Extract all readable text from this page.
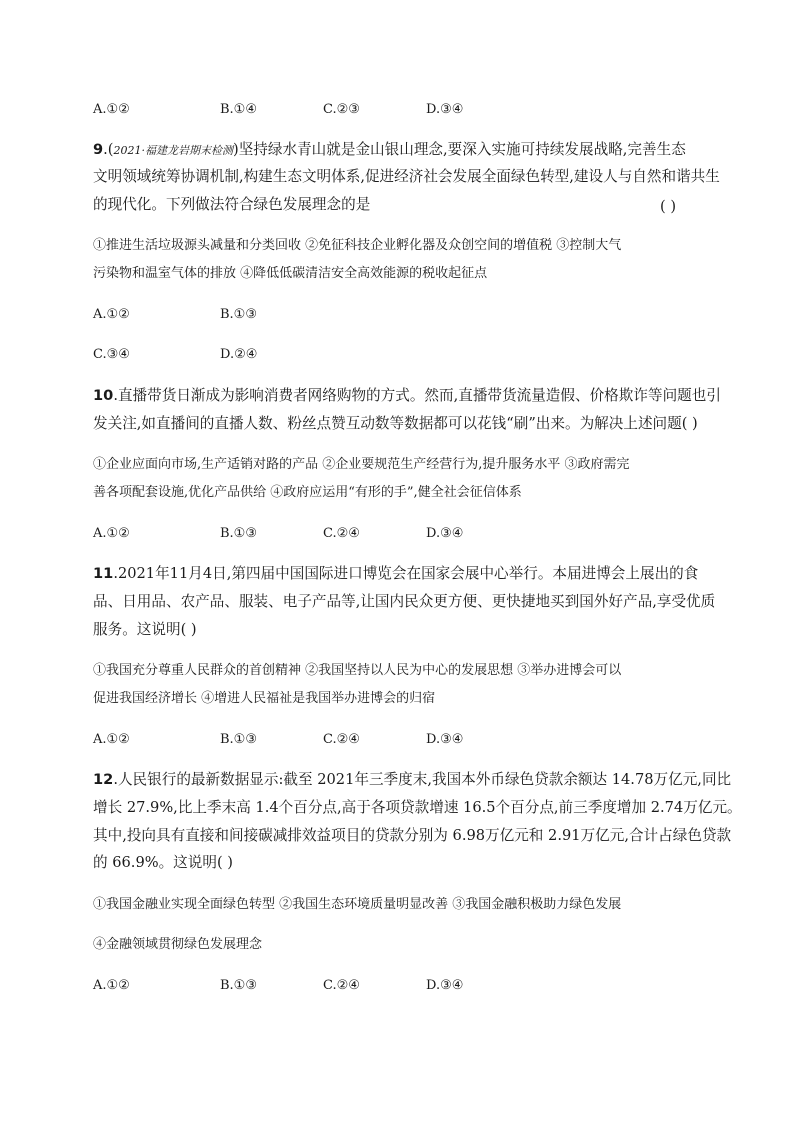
A.①②	B.①④	C.②③	D.③④
9.(2021·福建龙岩期末检测)坚持绿水青山就是金山银山理念,要深入实施可持续发展战略,完善生态
文明领域统筹协调机制,构建生态文明体系,促进经济社会发展全面绿色转型,建设人与自然和谐共生
的现代化。下列做法符合绿色发展理念的是	( )
①推进生活垃圾源头减量和分类回收 ②免征科技企业孵化器及众创空间的增值税 ③控制大气
污染物和温室气体的排放 ④降低低碳清洁安全高效能源的税收起征点
A.①②	B.①③
C.③④	D.②④
10.直播带货日渐成为影响消费者网络购物的方式。然而,直播带货流量造假、价格欺诈等问题也引
发关注,如直播间的直播人数、粉丝点赞互动数等数据都可以花钱“刷”出来。为解决上述问题( )
①企业应面向市场,生产适销对路的产品 ②企业要规范生产经营行为,提升服务水平 ③政府需完
善各项配套设施,优化产品供给 ④政府应运用“有形的手”,健全社会征信体系
A.①②	B.①③	C.②④	D.③④
11.2021年11月4日,第四届中国国际进口博览会在国家会展中心举行。本届进博会上展出的食
品、日用品、农产品、服装、电子产品等,让国内民众更方便、更快捷地买到国外好产品,享受优质
服务。这说明( )
①我国充分尊重人民群众的首创精神 ②我国坚持以人民为中心的发展思想 ③举办进博会可以
促进我国经济增长 ④增进人民福祉是我国举办进博会的归宿
A.①②	B.①③	C.②④	D.③④
12.人民银行的最新数据显示:截至 2021年三季度末,我国本外币绿色贷款余额达 14.78万亿元,同比
增长 27.9%,比上季末高 1.4个百分点,高于各项贷款增速 16.5个百分点,前三季度增加 2.74万亿元。
其中,投向具有直接和间接碳减排效益项目的贷款分别为 6.98万亿元和 2.91万亿元,合计占绿色贷款
的 66.9%。这说明( )
①我国金融业实现全面绿色转型 ②我国生态环境质量明显改善 ③我国金融积极助力绿色发展
④金融领域贯彻绿色发展理念
A.①②	B.①③	C.②④	D.③④
